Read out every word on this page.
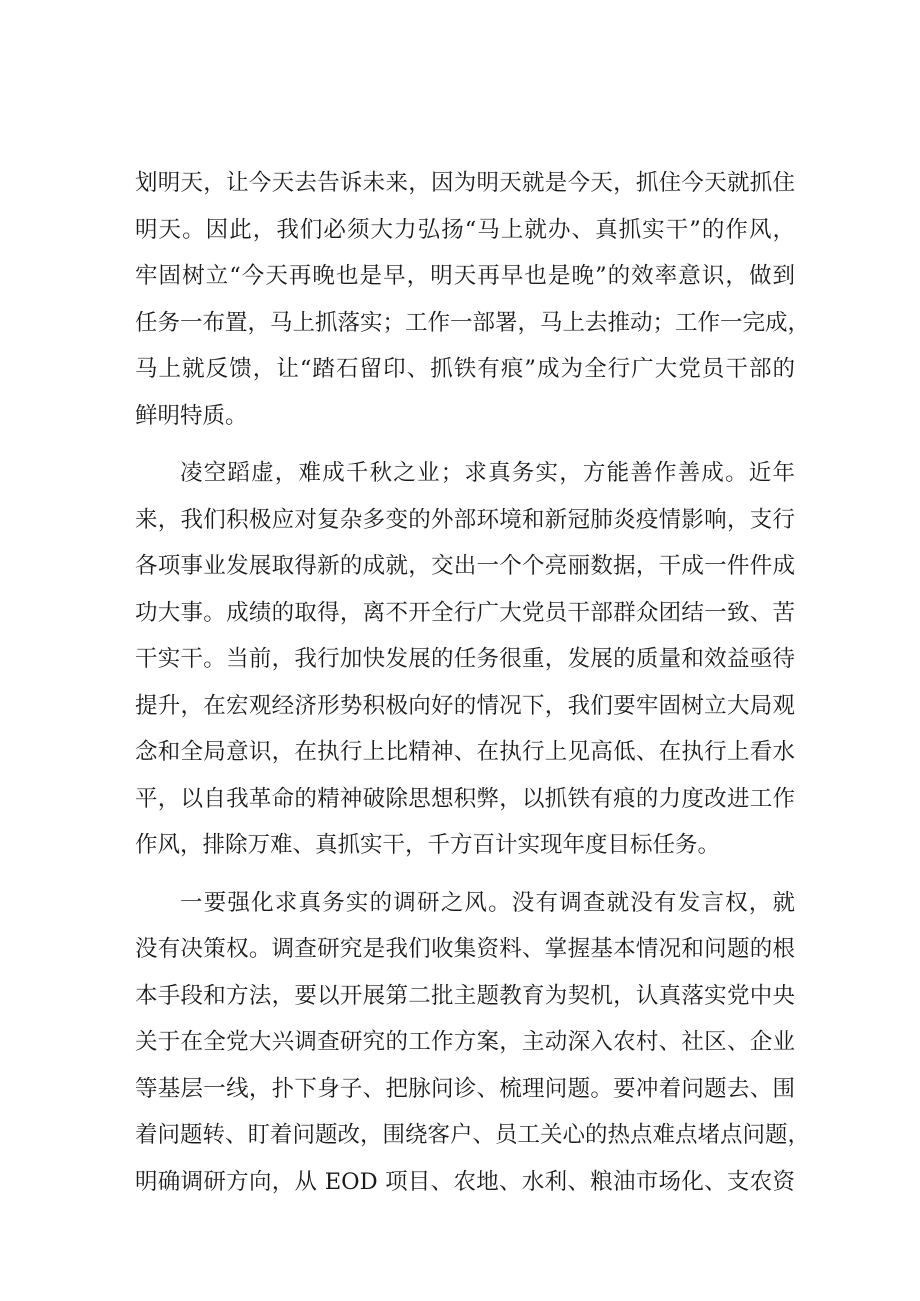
划明天，让今天去告诉未来，因为明天就是今天，抓住今天就抓住
明天。因此，我们必须大力弘扬“马上就办、真抓实干”的作风，
牢固树立“今天再晚也是早，明天再早也是晚”的效率意识，做到
任务一布置，马上抓落实；工作一部署，马上去推动；工作一完成，
马上就反馈，让“踏石留印、抓铁有痕”成为全行广大党员干部的
鲜明特质。
凌空蹈虚，难成千秋之业；求真务实，方能善作善成。近年
来，我们积极应对复杂多变的外部环境和新冠肺炎疫情影响，支行
各项事业发展取得新的成就，交出一个个亮丽数据，干成一件件成
功大事。成绩的取得，离不开全行广大党员干部群众团结一致、苦
干实干。当前，我行加快发展的任务很重，发展的质量和效益亟待
提升，在宏观经济形势积极向好的情况下，我们要牢固树立大局观
念和全局意识，在执行上比精神、在执行上见高低、在执行上看水
平，以自我革命的精神破除思想积弊，以抓铁有痕的力度改进工作
作风，排除万难、真抓实干，千方百计实现年度目标任务。
一要强化求真务实的调研之风。没有调查就没有发言权，就
没有决策权。调查研究是我们收集资料、掌握基本情况和问题的根
本手段和方法，要以开展第二批主题教育为契机，认真落实党中央
关于在全党大兴调查研究的工作方案，主动深入农村、社区、企业
等基层一线，扑下身子、把脉问诊、梳理问题。要冲着问题去、围
着问题转、盯着问题改，围绕客户、员工关心的热点难点堵点问题，
明确调研方向，从 EOD 项目、农地、水利、粮油市场化、支农资
